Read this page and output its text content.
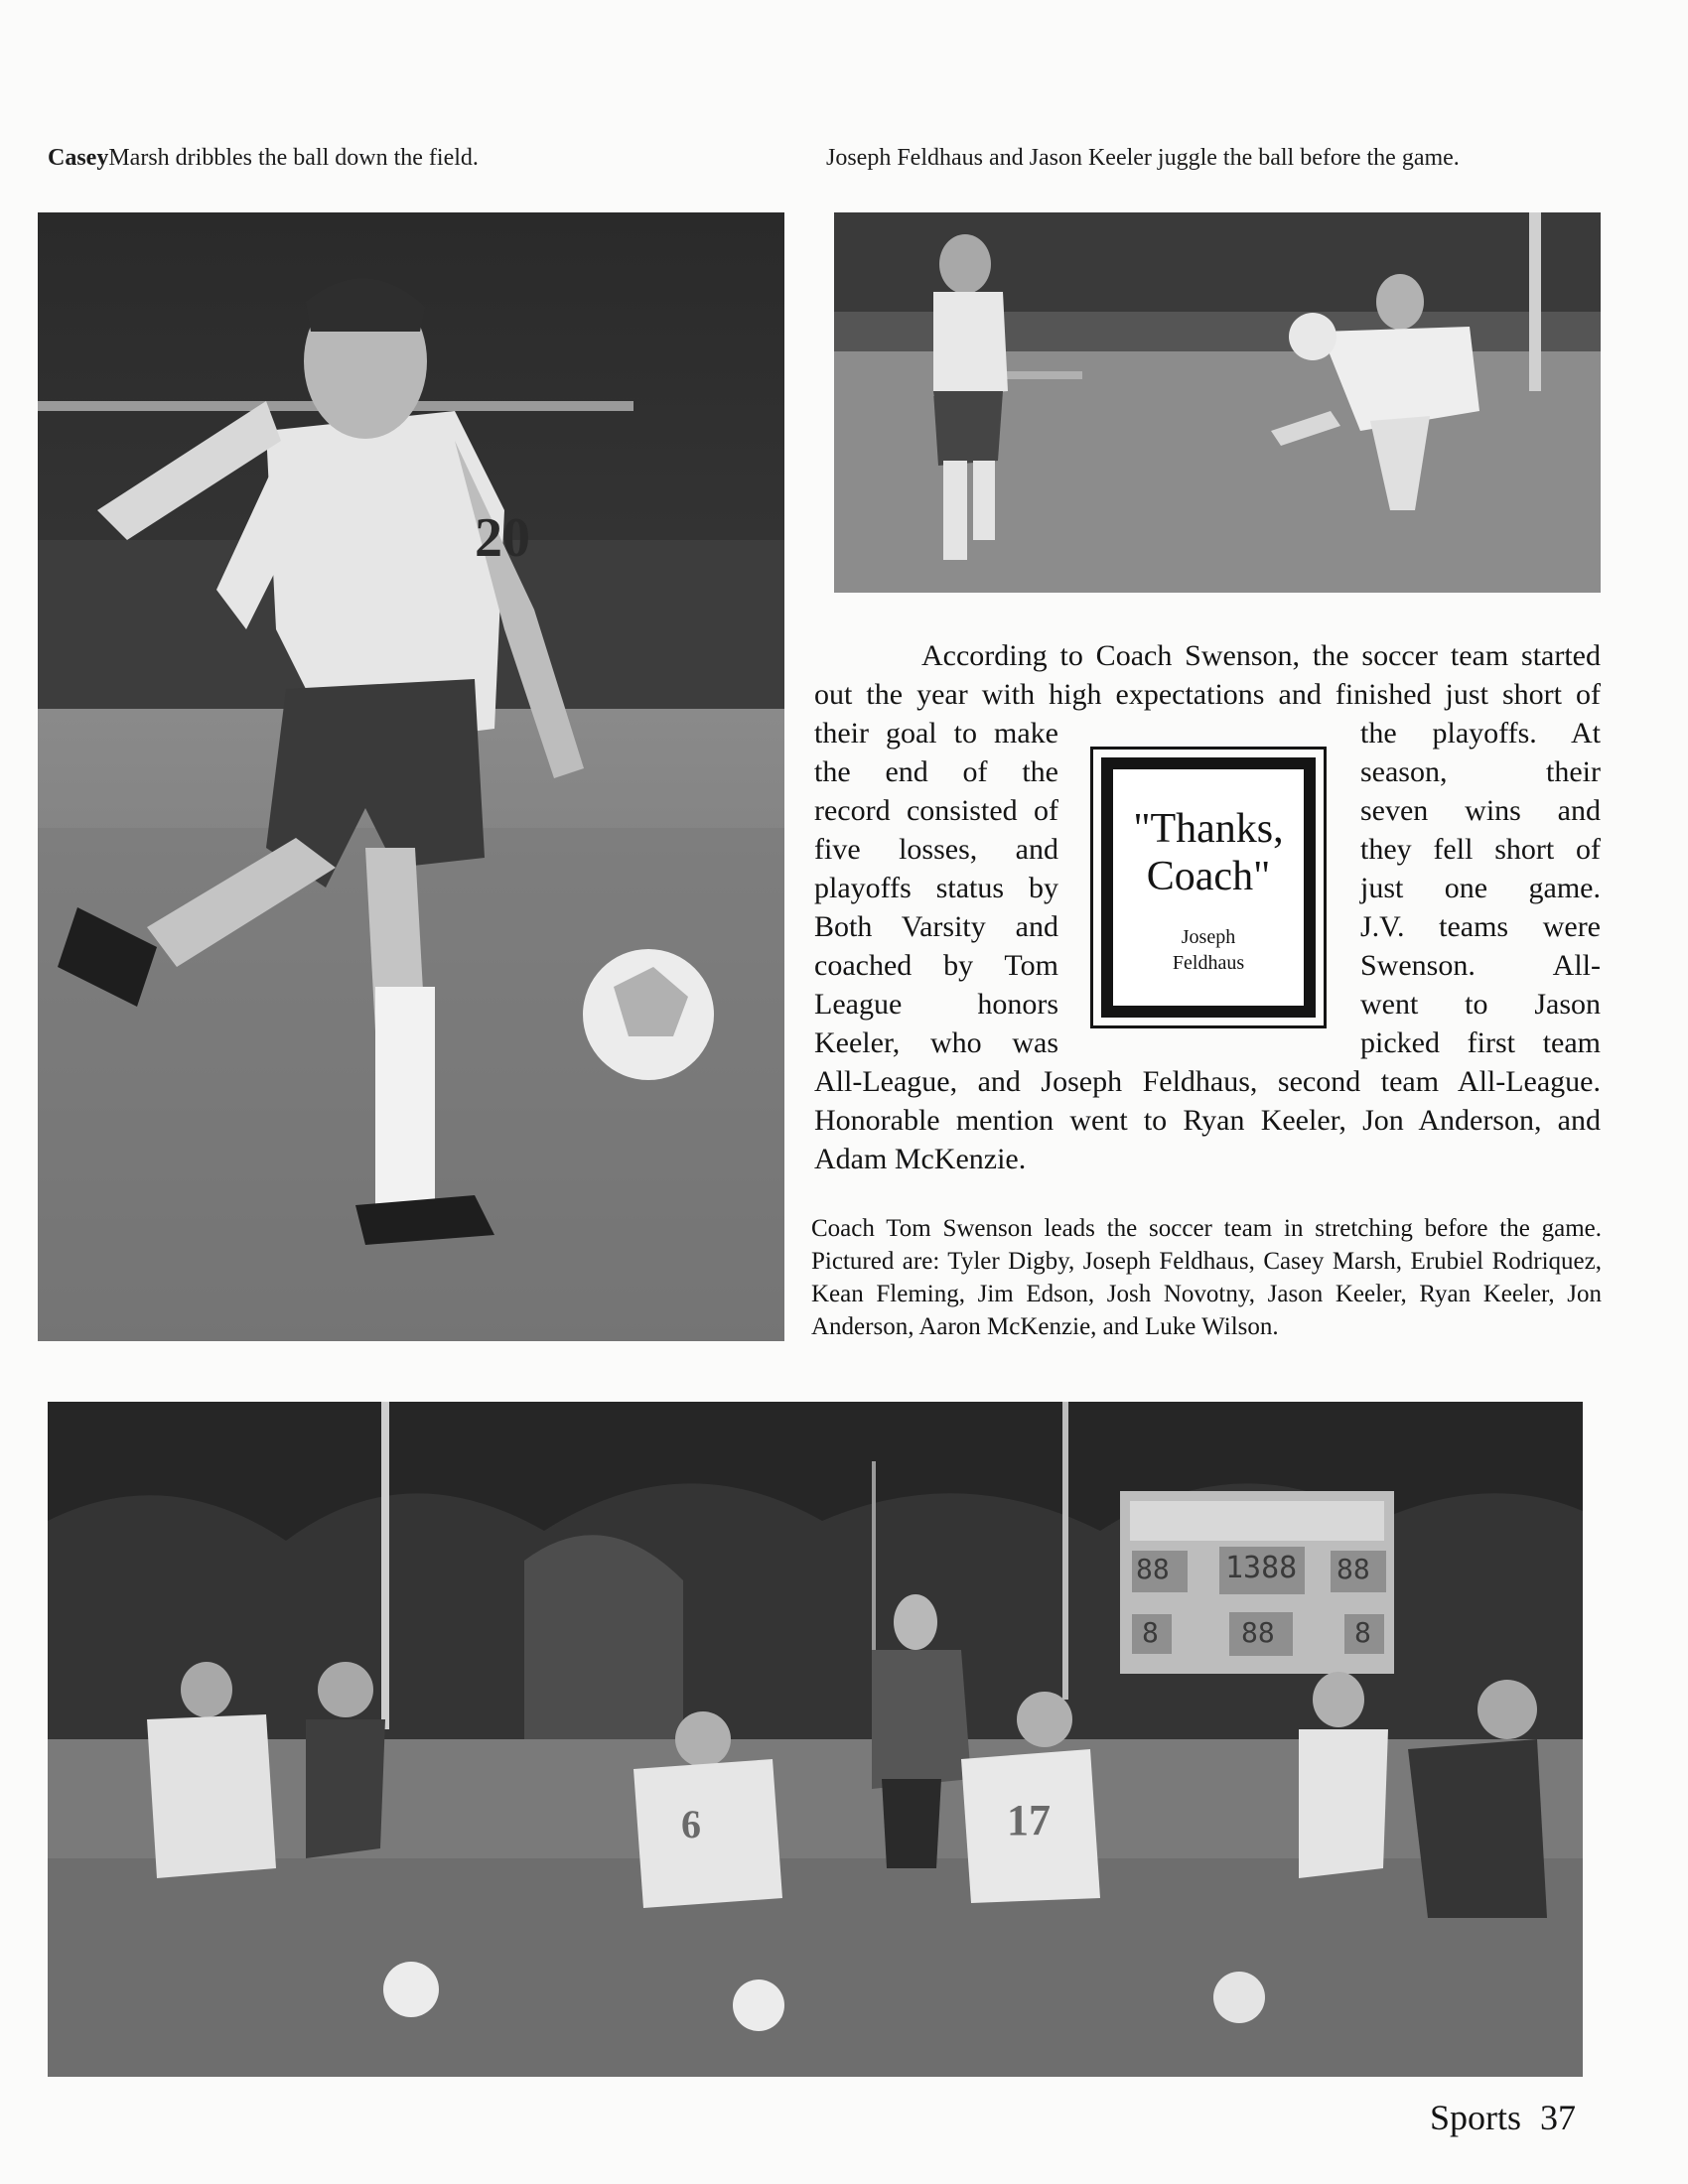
CaseyMarsh dribbles the ball down the field.	Joseph Feldhaus and Jason Keeler juggle the ball before the game.
20
According to Coach Swenson, the soccer team started
out the year with high expectations and finished just short of
their goal to make
the end of the
record consisted of
five losses, and
playoffs status by
Both Varsity and
coached by Tom
League honors
Keeler, who was
the playoffs. At
season, their
seven wins and
they fell short of
just one game.
J.V. teams were
Swenson. All-
went to Jason
picked first team
"Thanks,
Coach"
Joseph
Feldhaus
All-League, and Joseph Feldhaus, second team All-League.
Honorable mention went to Ryan Keeler, Jon Anderson, and
Adam McKenzie.
Coach Tom Swenson leads the soccer team in stretching before the game. Pictured are: Tyler Digby, Joseph Feldhaus, Casey Marsh, Erubiel Rodriquez, Kean Fleming, Jim Edson, Josh Novotny, Jason Keeler, Ryan Keeler, Jon Anderson, Aaron McKenzie, and Luke Wilson.
88 1388 88
8	88	8
6	17
Sports 37
